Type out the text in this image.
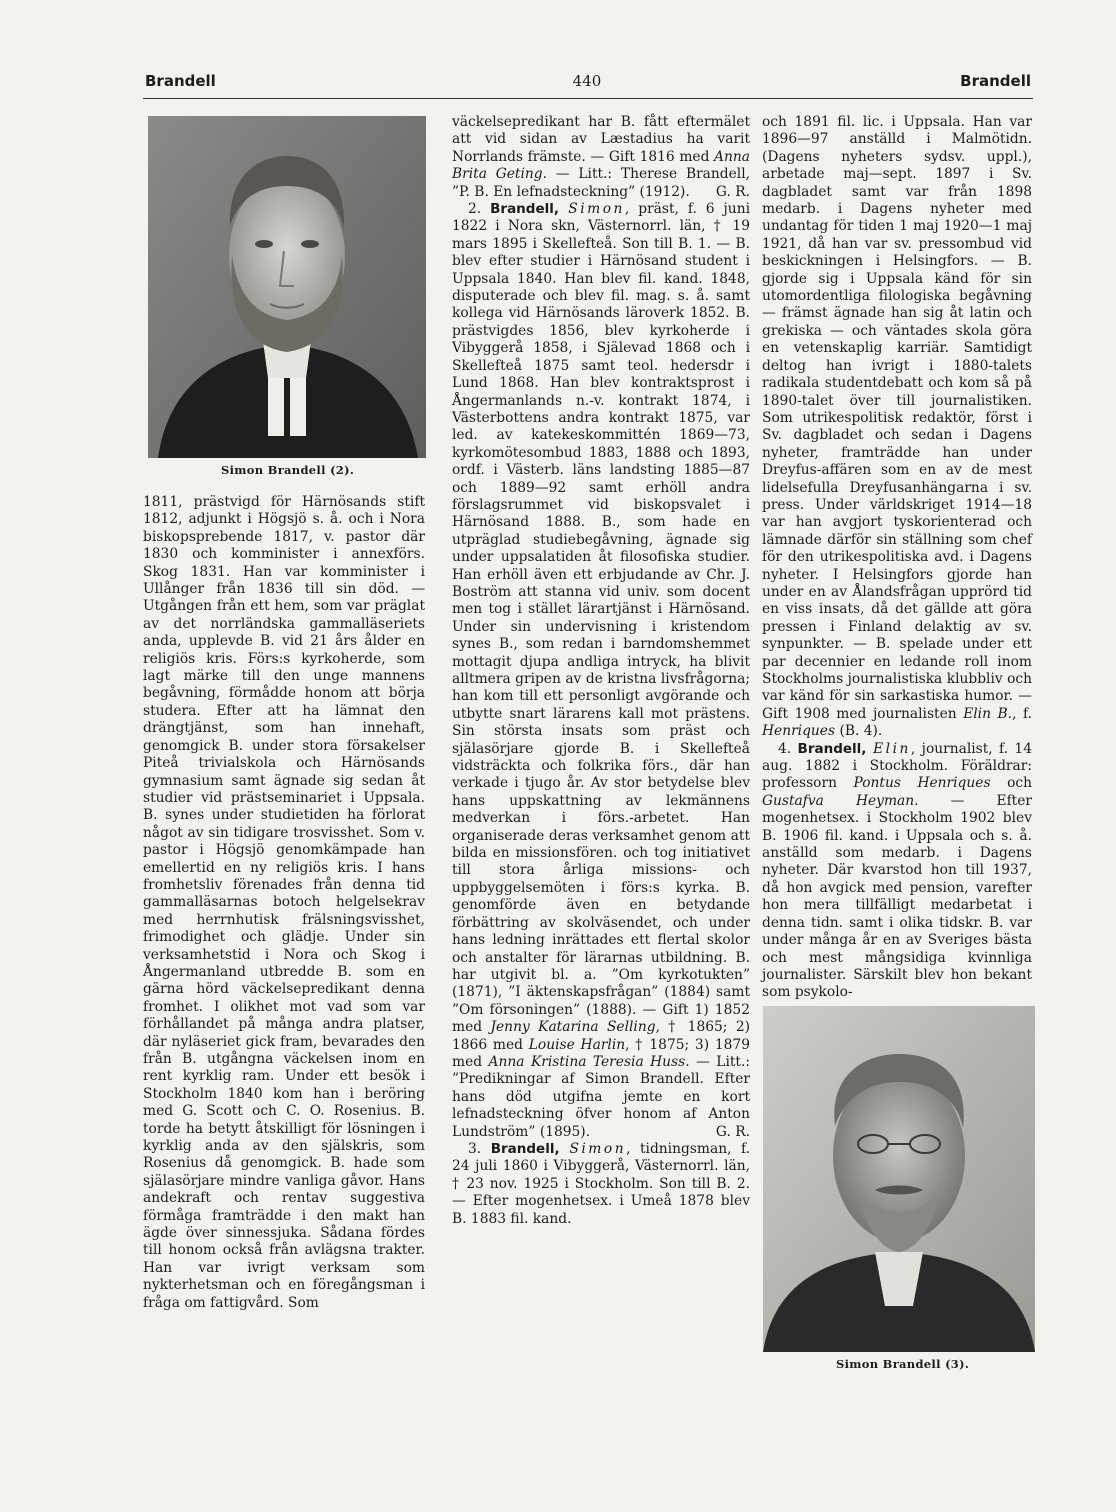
Brandell	440	Brandell
Simon Brandell (2).

1811, prästvigd för Härnösands stift 1812, adjunkt i Högsjö s. å. och i Nora biskopsprebende 1817, v. pastor där 1830 och komminister i annexförs. Skog 1831. Han var komminister i Ullånger från 1836 till sin död. — Utgången från ett hem, som var präglat av det norrländska gammalläseriets anda, upplevde B. vid 21 års ålder en religiös kris. Förs:s kyrkoherde, som lagt märke till den unge mannens begåvning, förmådde honom att börja studera. Efter att ha lämnat den drängtjänst, som han innehaft, genomgick B. under stora försakelser Piteå trivialskola och Härnösands gymnasium samt ägnade sig sedan åt studier vid prästseminariet i Uppsala. B. synes under studietiden ha förlorat något av sin tidigare trosvisshet. Som v. pastor i Högsjö genomkämpade han emellertid en ny religiös kris. I hans fromhetsliv förenades från denna tid gammalläsarnas botoch helgelsekrav med herrnhutisk frälsningsvisshet, frimodighet och glädje. Under sin verksamhetstid i Nora och Skog i Ångermanland utbredde B. som en gärna hörd väckelsepredikant denna fromhet. I olikhet mot vad som var förhållandet på många andra platser, där nyläseriet gick fram, bevarades den från B. utgångna väckelsen inom en rent kyrklig ram. Under ett besök i Stockholm 1840 kom han i beröring med G. Scott och C. O. Rosenius. B. torde ha betytt åtskilligt för lösningen i kyrklig anda av den själskris, som Rosenius då genomgick. B. hade som själasörjare mindre vanliga gåvor. Hans andekraft och rentav suggestiva förmåga framträdde i den makt han ägde över sinnessjuka. Sådana fördes till honom också från avlägsna trakter. Han var ivrigt verksam som nykterhetsman och en föregångsman i fråga om fattigvård. Som

väckelsepredikant har B. fått eftermälet att vid sidan av Læstadius ha varit Norrlands främste. — Gift 1816 med Anna Brita Geting. — Litt.: Therese Brandell, ”P. B. En lefnadsteckning” (1912). G. R.

2. Brandell, Simon, präst, f. 6 juni 1822 i Nora skn, Västernorrl. län, † 19 mars 1895 i Skellefteå. Son till B. 1. — B. blev efter studier i Härnösand student i Uppsala 1840. Han blev fil. kand. 1848, disputerade och blev fil. mag. s. å. samt kollega vid Härnösands läroverk 1852. B. prästvigdes 1856, blev kyrkoherde i Vibyggerå 1858, i Själevad 1868 och i Skellefteå 1875 samt teol. hedersdr i Lund 1868. Han blev kontraktsprost i Ångermanlands n.-v. kontrakt 1874, i Västerbottens andra kontrakt 1875, var led. av katekeskommittén 1869—73, kyrkomötesombud 1883, 1888 och 1893, ordf. i Västerb. läns landsting 1885—87 och 1889—92 samt erhöll andra förslagsrummet vid biskopsvalet i Härnösand 1888. B., som hade en utpräglad studiebegåvning, ägnade sig under uppsalatiden åt filosofiska studier. Han erhöll även ett erbjudande av Chr. J. Boström att stanna vid univ. som docent men tog i stället lärartjänst i Härnösand. Under sin undervisning i kristendom synes B., som redan i barndomshemmet mottagit djupa andliga intryck, ha blivit alltmera gripen av de kristna livsfrågorna; han kom till ett personligt avgörande och utbytte snart lärarens kall mot prästens. Sin största insats som präst och själasörjare gjorde B. i Skellefteå vidsträckta och folkrika förs., där han verkade i tjugo år. Av stor betydelse blev hans uppskattning av lekmännens medverkan i förs.-arbetet. Han organiserade deras verksamhet genom att bilda en missionsfören. och tog initiativet till stora årliga missions- och uppbyggelsemöten i förs:s kyrka. B. genomförde även en betydande förbättring av skolväsendet, och under hans ledning inrättades ett flertal skolor och anstalter för lärarnas utbildning. B. har utgivit bl. a. ”Om kyrkotukten” (1871), ”I äktenskapsfrågan” (1884) samt ”Om försoningen” (1888). — Gift 1) 1852 med Jenny Katarina Selling, † 1865; 2) 1866 med Louise Harlin, † 1875; 3) 1879 med Anna Kristina Teresia Huss. — Litt.: ”Predikningar af Simon Brandell. Efter hans död utgifna jemte en kort lefnadsteckning öfver honom af Anton Lundström” (1895).	G. R.

3. Brandell, Simon, tidningsman, f. 24 juli 1860 i Vibyggerå, Västernorrl. län, † 23 nov. 1925 i Stockholm. Son till B. 2. — Efter mogenhetsex. i Umeå 1878 blev B. 1883 fil. kand.

och 1891 fil. lic. i Uppsala. Han var 1896—97 anställd i Malmötidn. (Dagens nyheters sydsv. uppl.), arbetade maj—sept. 1897 i Sv. dagbladet samt var från 1898 medarb. i Dagens nyheter med undantag för tiden 1 maj 1920—1 maj 1921, då han var sv. pressombud vid beskickningen i Helsingfors. — B. gjorde sig i Uppsala känd för sin utomordentliga filologiska begåvning — främst ägnade han sig åt latin och grekiska — och väntades skola göra en vetenskaplig karriär. Samtidigt deltog han ivrigt i 1880-talets radikala studentdebatt och kom så på 1890-talet över till journalistiken. Som utrikespolitisk redaktör, först i Sv. dagbladet och sedan i Dagens nyheter, framträdde han under Dreyfus-affären som en av de mest lidelsefulla Dreyfusanhängarna i sv. press. Under världskriget 1914—18 var han avgjort tyskorienterad och lämnade därför sin ställning som chef för den utrikespolitiska avd. i Dagens nyheter. I Helsingfors gjorde han under en av Ålandsfrågan upprörd tid en viss insats, då det gällde att göra pressen i Finland delaktig av sv. synpunkter. — B. spelade under ett par decennier en ledande roll inom Stockholms journalistiska klubbliv och var känd för sin sarkastiska humor. — Gift 1908 med journalisten Elin B., f. Henriques (B. 4).

4. Brandell, Elin, journalist, f. 14 aug. 1882 i Stockholm. Föräldrar: professorn Pontus Henriques och Gustafva Heyman. — Efter mogenhetsex. i Stockholm 1902 blev B. 1906 fil. kand. i Uppsala och s. å. anställd som medarb. i Dagens nyheter. Där kvarstod hon till 1937, då hon avgick med pension, varefter hon mera tillfälligt medarbetat i denna tidn. samt i olika tidskr. B. var under många år en av Sveriges bästa och mest mångsidiga kvinnliga journalister. Särskilt blev hon bekant som psykolo-

Simon Brandell (3).
